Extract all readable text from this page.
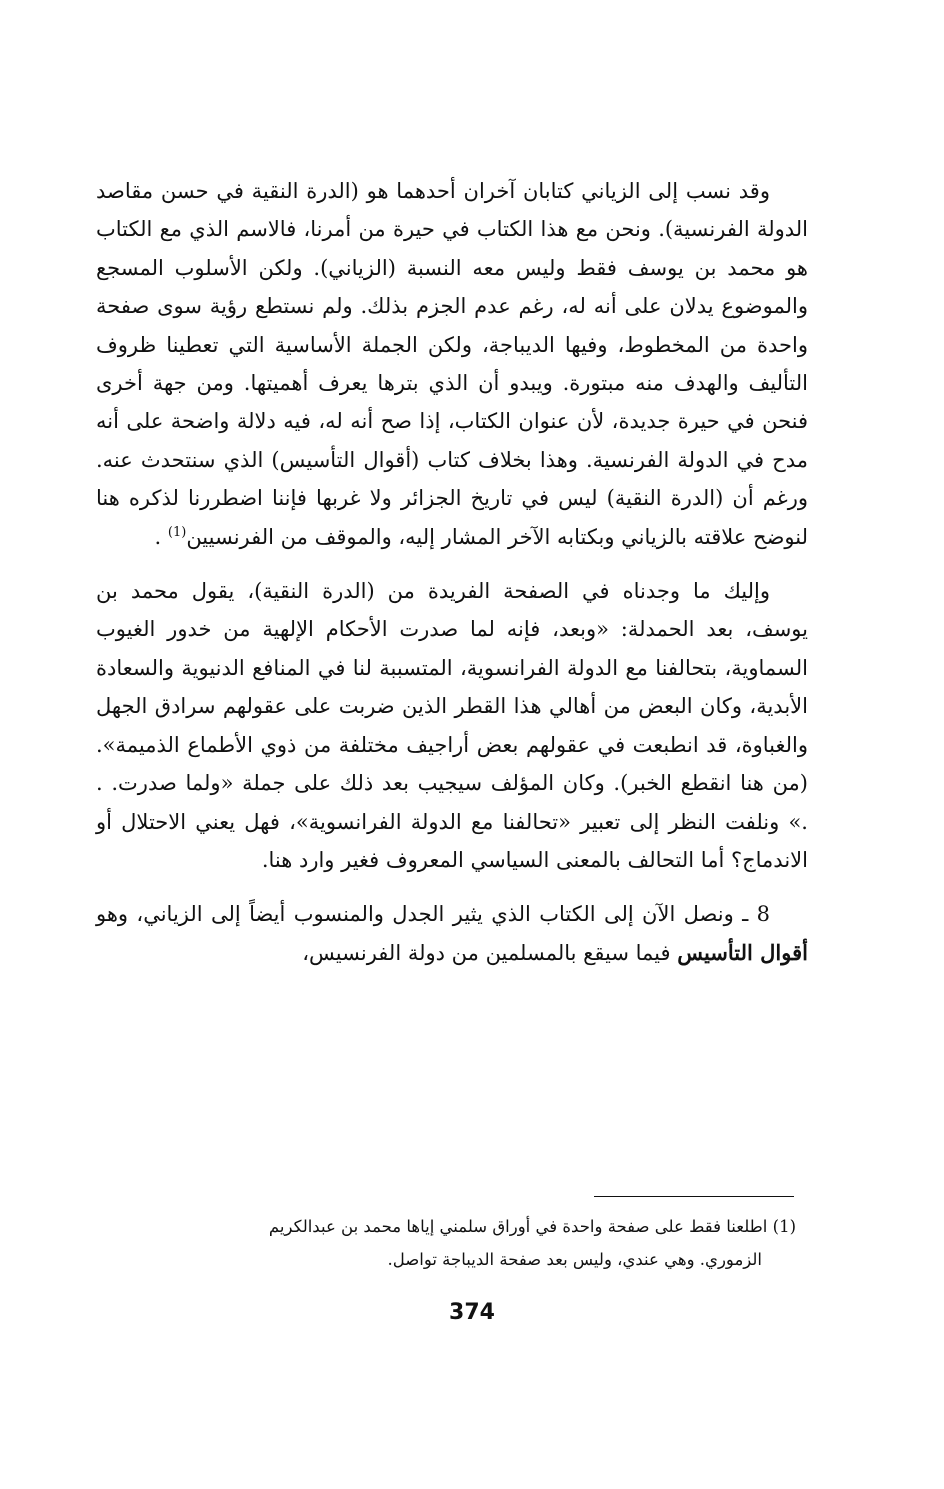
وقد نسب إلى الزياني كتابان آخران أحدهما هو (الدرة النقية في حسن مقاصد الدولة الفرنسية). ونحن مع هذا الكتاب في حيرة من أمرنا، فالاسم الذي مع الكتاب هو محمد بن يوسف فقط وليس معه النسبة (الزياني). ولكن الأسلوب المسجع والموضوع يدلان على أنه له، رغم عدم الجزم بذلك. ولم نستطع رؤية سوى صفحة واحدة من المخطوط، وفيها الديباجة، ولكن الجملة الأساسية التي تعطينا ظروف التأليف والهدف منه مبتورة. ويبدو أن الذي بترها يعرف أهميتها. ومن جهة أخرى فنحن في حيرة جديدة، لأن عنوان الكتاب، إذا صح أنه له، فيه دلالة واضحة على أنه مدح في الدولة الفرنسية. وهذا بخلاف كتاب (أقوال التأسيس) الذي سنتحدث عنه. ورغم أن (الدرة النقية) ليس في تاريخ الجزائر ولا غربها فإننا اضطررنا لذكره هنا لنوضح علاقته بالزياني وبكتابه الآخر المشار إليه، والموقف من الفرنسيين$^{(1)}$ .

وإليك ما وجدناه في الصفحة الفريدة من (الدرة النقية)، يقول محمد بن يوسف، بعد الحمدلة: «وبعد، فإنه لما صدرت الأحكام الإلهية من خدور الغيوب السماوية، بتحالفنا مع الدولة الفرانسوية، المتسببة لنا في المنافع الدنيوية والسعادة الأبدية، وكان البعض من أهالي هذا القطر الذين ضربت على عقولهم سرادق الجهل والغباوة، قد انطبعت في عقولهم بعض أراجيف مختلفة من ذوي الأطماع الذميمة». (من هنا انقطع الخبر). وكان المؤلف سيجيب بعد ذلك على جملة «ولما صدرت. . .» ونلفت النظر إلى تعبير «تحالفنا مع الدولة الفرانسوية»، فهل يعني الاحتلال أو الاندماج؟ أما التحالف بالمعنى السياسي المعروف فغير وارد هنا.

8 ـ ونصل الآن إلى الكتاب الذي يثير الجدل والمنسوب أيضاً إلى الزياني، وهو أقوال التأسيس فيما سيقع بالمسلمين من دولة الفرنسيس،

(1) اطلعنا فقط على صفحة واحدة في أوراق سلمني إياها محمد بن عبدالكريم
الزموري. وهي عندي، وليس بعد صفحة الديباجة تواصل.
374
